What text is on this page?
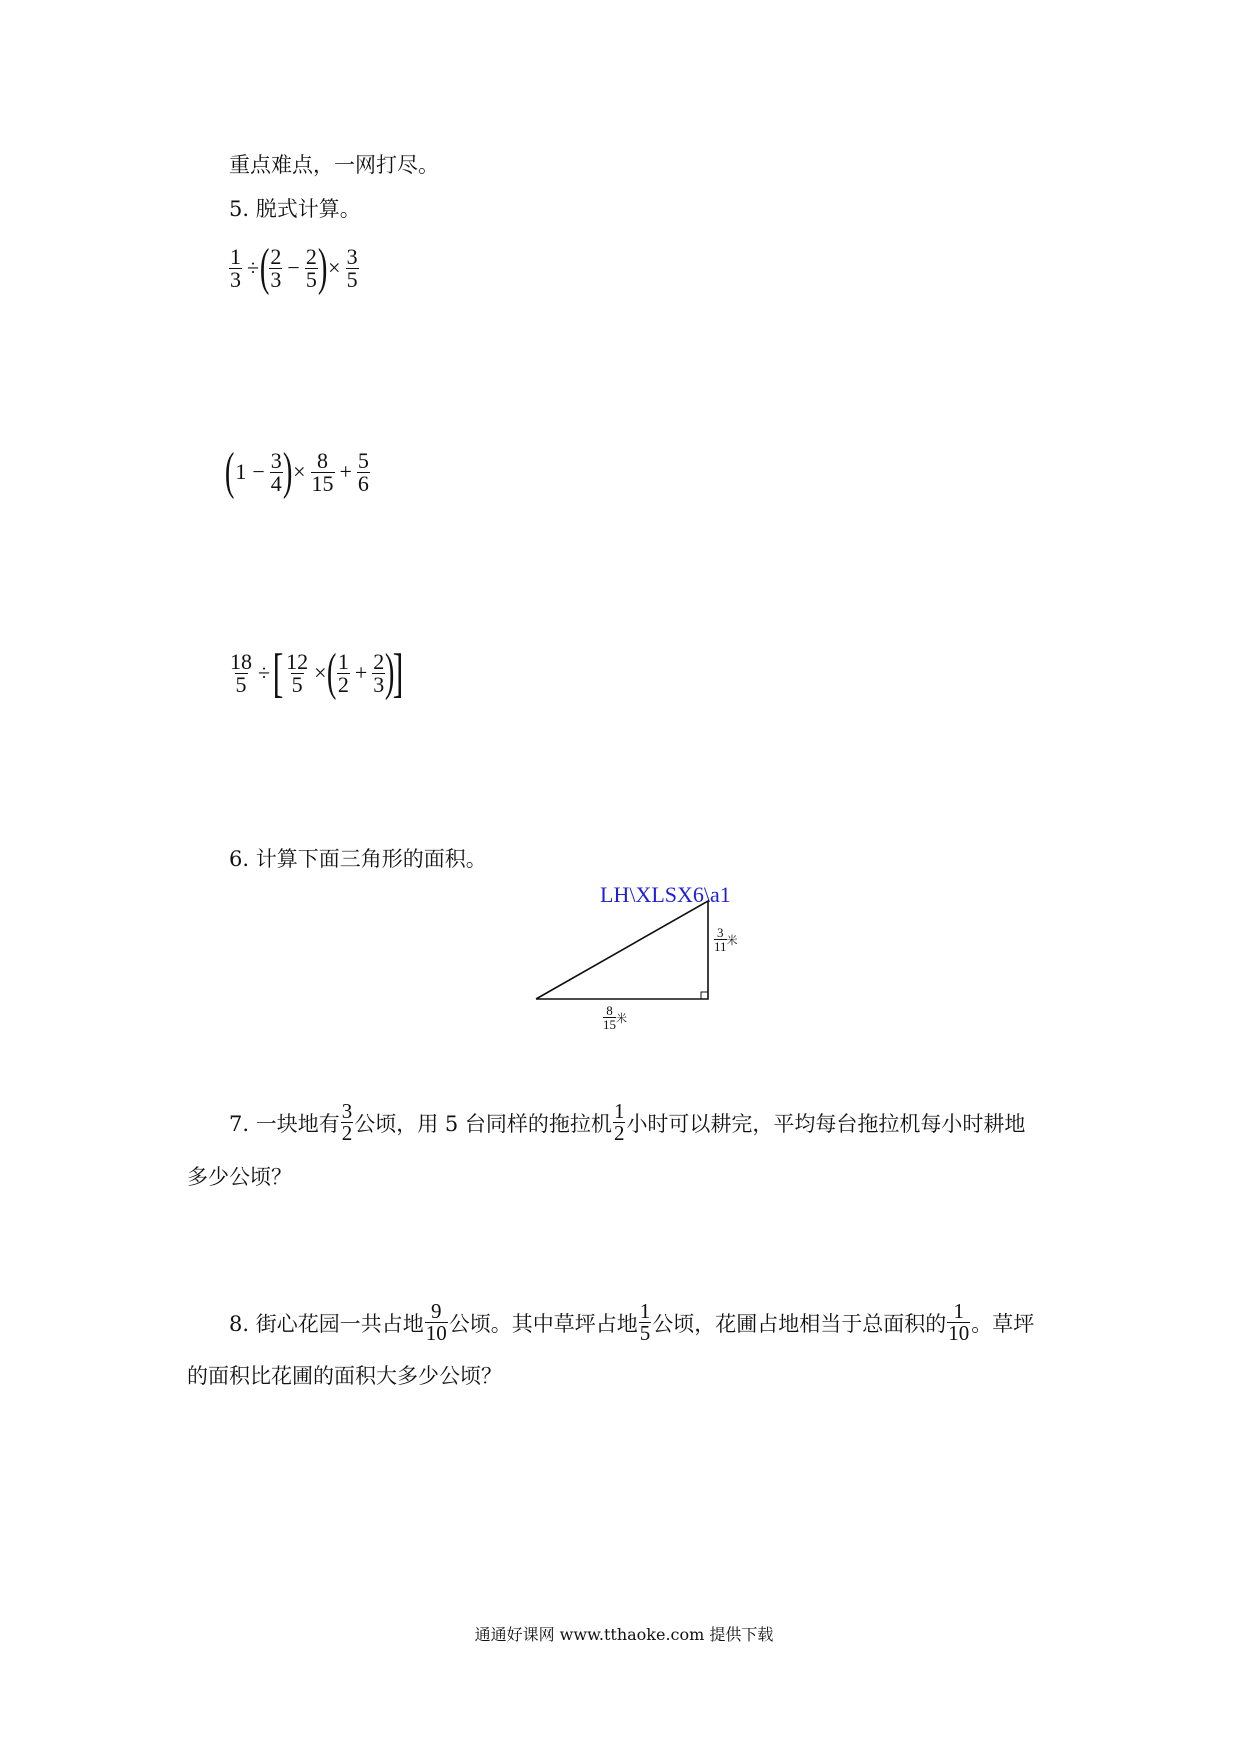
重点难点，一网打尽。
5. 脱式计算。
$\frac{1}{3}$ ÷ ( $\frac{2}{3} - \frac{2}{5}$ ) × $\frac{3}{5}$
( $1 - \frac{3}{4}$ ) × $\frac{8}{15} + \frac{5}{6}$
$\frac{18}{5}$ ÷ [ $\frac{12}{5}$ × ( $\frac{1}{2} + \frac{2}{3}$ )
]
6. 计算下面三角形的面积。
LH\XLSX6\a1
$\frac{3}{11}$ 米
$\frac{8}{15}$ 米
7. 一块地有 $\frac{3}{2}$ 公顷，用 5 台同样的拖拉机 $\frac{1}{2}$ 小时可以耕完，平均每台拖拉机每小时耕地
多少公顷？
8. 街心花园一共占地 $\frac{9}{10}$ 公顷。其中草坪占地 $\frac{1}{5}$ 公顷，花圃占地相当于总面积的 $\frac{1}{10}$ 。草坪
的面积比花圃的面积大多少公顷？
通通好课网 www.tthaoke.com 提供下载
